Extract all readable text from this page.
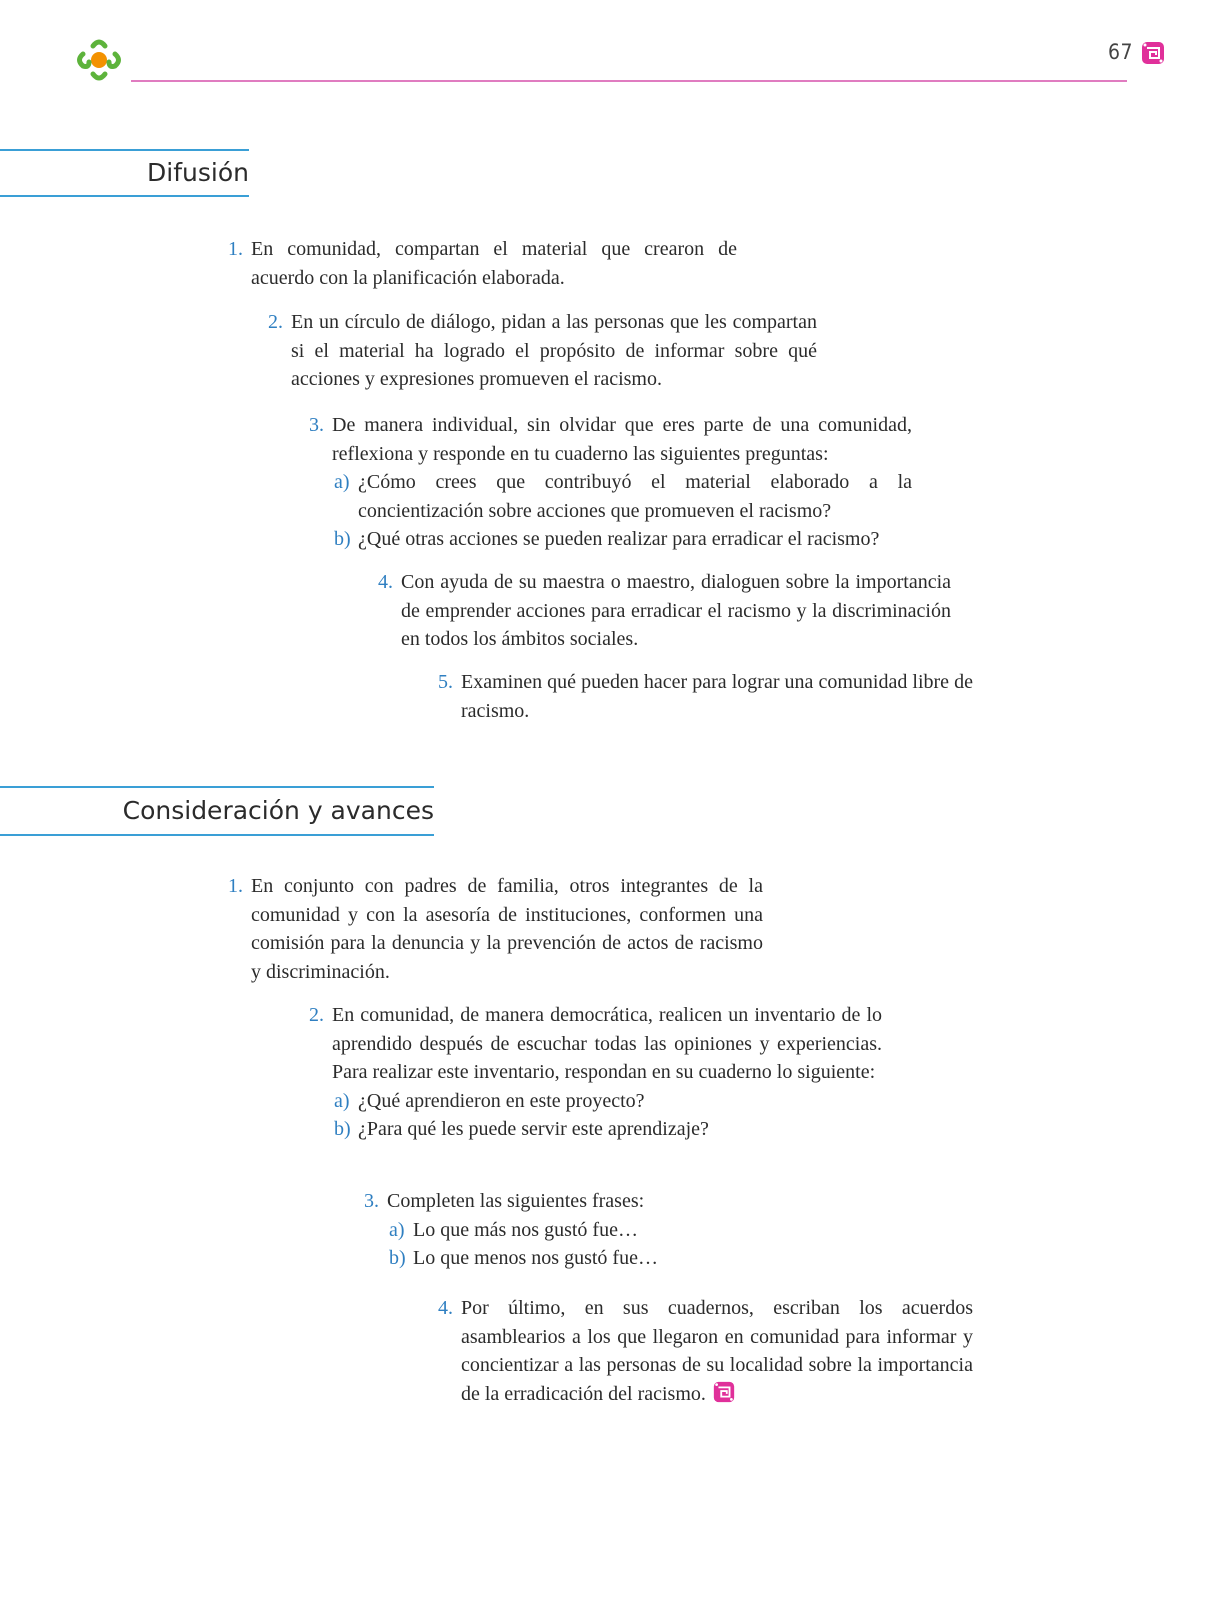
67
Difusión
1. En comunidad, compartan el material que crearon de acuerdo con la planificación elaborada.
2. En un círculo de diálogo, pidan a las personas que les compartan si el material ha logrado el propósito de informar sobre qué acciones y expresiones promueven el racismo.
3. De manera individual, sin olvidar que eres parte de una comunidad, reflexiona y responde en tu cuaderno las siguientes preguntas:
a) ¿Cómo crees que contribuyó el material elaborado a la concientización sobre acciones que promueven el racismo?
b) ¿Qué otras acciones se pueden realizar para erradicar el racismo?
4. Con ayuda de su maestra o maestro, dialoguen sobre la importancia de emprender acciones para erradicar el racismo y la discriminación en todos los ámbitos sociales.
5. Examinen qué pueden hacer para lograr una comunidad libre de racismo.
Consideración y avances
1. En conjunto con padres de familia, otros integrantes de la comunidad y con la asesoría de instituciones, conformen una comisión para la denuncia y la prevención de actos de racismo y discriminación.
2. En comunidad, de manera democrática, realicen un inventario de lo aprendido después de escuchar todas las opiniones y experiencias. Para realizar este inventario, respondan en su cuaderno lo siguiente:
a) ¿Qué aprendieron en este proyecto?
b) ¿Para qué les puede servir este aprendizaje?
3. Completen las siguientes frases:
a) Lo que más nos gustó fue…
b) Lo que menos nos gustó fue…
4. Por último, en sus cuadernos, escriban los acuerdos asamblearios a los que llegaron en comunidad para informar y concientizar a las personas de su localidad sobre la importancia de la erradicación del racismo.
